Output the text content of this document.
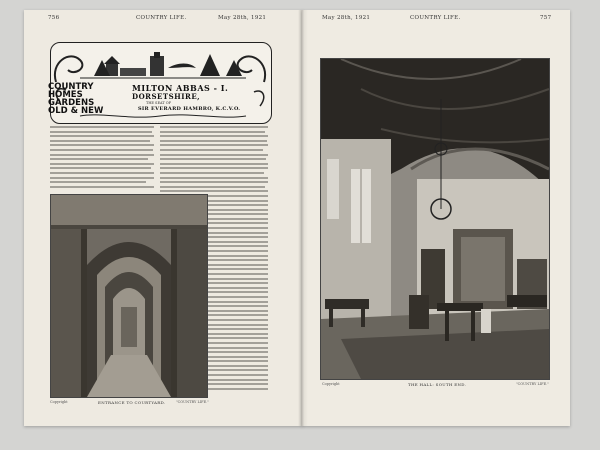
756	COUNTRY LIFE.	May 28th, 1921
COUNTRY
HOMES
GARDENS
OLD & NEW
MILTON ABBAS - I.
DORSETSHIRE,
THE SEAT OF
SIR EVERARD HAMBRO, K.C.V.O.
Copyright	ENTRANCE TO COURTYARD.	"COUNTRY LIFE."
May 28th, 1921	COUNTRY LIFE.	757
Copyright	THE HALL: SOUTH END.	"COUNTRY LIFE."
